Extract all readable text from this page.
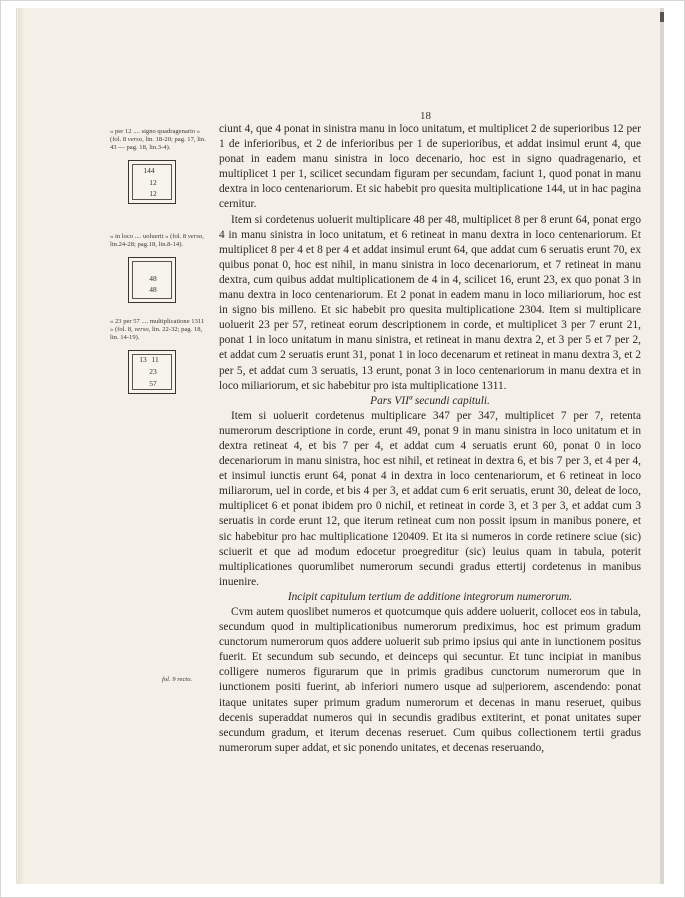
18
« per 12 .... signo quadragenario » (fol. 8 verso, lin. 18-20; pag. 17, lin. 43 — pag. 18, lin.3-4).
144
12
12
« in loco .... uoluerit » (fol. 8 verso, lin.24-28; pag.18, lin.8-14).
48
48
« 23 per 57 .... multiplicatione 1311 » (fol. 8, verso, lin. 22-32; pag. 18, lin. 14-19).
13 11
23
57
fol. 9 recto.

ciunt 4, que 4 ponat in sinistra manu in loco unitatum, et multiplicet 2 de superioribus 12 per 1 de inferioribus, et 2 de inferioribus per 1 de superioribus, et addat insimul erunt 4, que ponat in eadem manu sinistra in loco decenario, hoc est in signo quadragenario, et multiplicet 1 per 1, scilicet secundam figuram per secundam, faciunt 1, quod ponat in manu dextra in loco centenariorum. Et sic habebit pro quesita multiplicatione 144, ut in hac pagina cernitur.

Item si cordetenus uoluerit multiplicare 48 per 48, multiplicet 8 per 8 erunt 64, ponat ergo 4 in manu sinistra in loco unitatum, et 6 retineat in manu dextra in loco centenariorum. Et multiplicet 8 per 4 et 8 per 4 et addat insimul erunt 64, que addat cum 6 seruatis erunt 70, ex quibus ponat 0, hoc est nihil, in manu sinistra in loco decenariorum, et 7 retineat in manu dextra, cum quibus addat multiplicationem de 4 in 4, scilicet 16, erunt 23, ex quo ponat 3 in manu dextra in loco centenariorum. Et 2 ponat in eadem manu in loco miliariorum, hoc est in signo bis milleno. Et sic habebit pro quesita multiplicatione 2304. Item si multiplicare uoluerit 23 per 57, retineat eorum descriptionem in corde, et multiplicet 3 per 7 erunt 21, ponat 1 in loco unitatum in manu sinistra, et retineat in manu dextra 2, et 3 per 5 et 7 per 2, et addat cum 2 seruatis erunt 31, ponat 1 in loco decenarum et retineat in manu dextra 3, et 2 per 5, et addat cum 3 seruatis, 13 erunt, ponat 3 in loco centenariorum in manu dextra et in loco miliariorum, et sic habebitur pro ista multiplicatione 1311.

Pars VIIª secundi capituli.

Item si uoluerit cordetenus multiplicare 347 per 347, multiplicet 7 per 7, retenta numerorum descriptione in corde, erunt 49, ponat 9 in manu sinistra in loco unitatum et in dextra retineat 4, et bis 7 per 4, et addat cum 4 seruatis erunt 60, ponat 0 in loco decenariorum in manu sinistra, hoc est nihil, et retineat in dextra 6, et bis 7 per 3, et 4 per 4, et insimul iunctis erunt 64, ponat 4 in dextra in loco centenariorum, et 6 retineat in loco miliarorum, uel in corde, et bis 4 per 3, et addat cum 6 erit seruatis, erunt 30, deleat de loco, multiplicet 6 et ponat ibidem pro 0 nichil, et retineat in corde 3, et 3 per 3, et addat cum 3 seruatis in corde erunt 12, que iterum retineat cum non possit ipsum in manibus ponere, et sic habebitur pro hac multiplicatione 120409. Et ita si numeros in corde retinere sciue (sic) sciuerit et que ad modum edocetur proegreditur (sic) leuius quam in tabula, poterit multiplicationes quorumlibet numerorum secundi gradus ettertij cordetenus in manibus inuenire.

Incipit capitulum tertium de additione integrorum numerorum.

Cvm autem quoslibet numeros et quotcumque quis addere uoluerit, collocet eos in tabula, secundum quod in multiplicationibus numerorum prediximus, hoc est primum gradum cunctorum numerorum quos addere uoluerit sub primo ipsius qui ante in iunctionem positus fuerit. Et secundum sub secundo, et deinceps qui secuntur. Et tunc incipiat in manibus colligere numeros figurarum que in primis gradibus cunctorum numerorum que in iunctionem positi fuerint, ab inferiori numero usque ad su|periorem, ascendendo: ponat itaque unitates super primum gradum numerorum et decenas in manu reseruet, quibus decenis superaddat numeros qui in secundis gradibus extiterint, et ponat unitates super secundum gradum, et iterum decenas reseruet. Cum quibus collectionem tertii gradus numerorum super addat, et sic ponendo unitates, et decenas reseruando,
